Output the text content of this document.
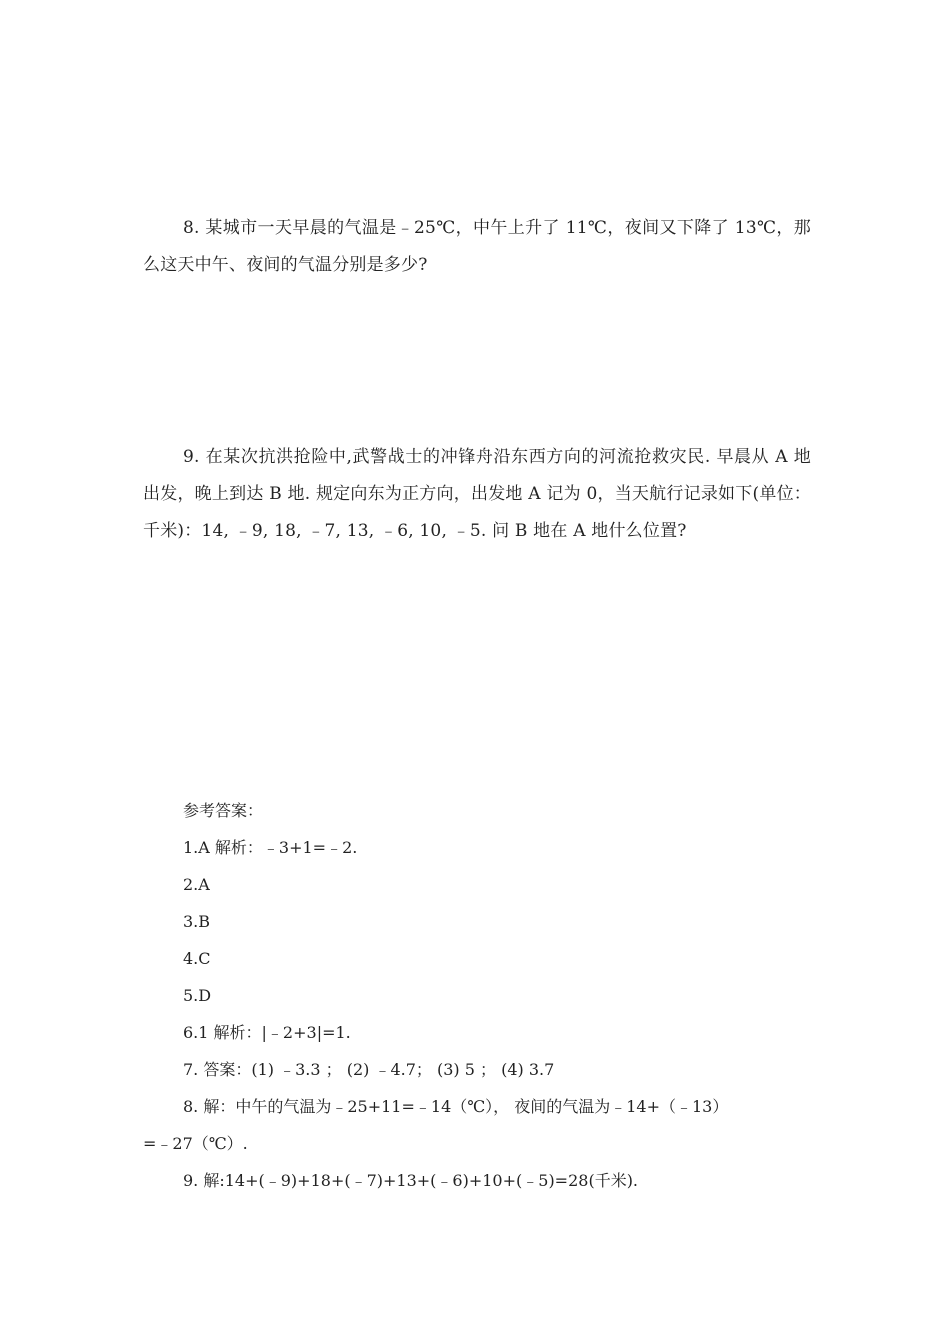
8. 某城市一天早晨的气温是﹣25℃，中午上升了 11℃，夜间又下降了 13℃，那么这天中午、夜间的气温分别是多少?

9. 在某次抗洪抢险中,武警战士的冲锋舟沿东西方向的河流抢救灾民. 早晨从 A 地出发，晚上到达 B 地. 规定向东为正方向，出发地 A 记为 0，当天航行记录如下(单位：千米)：14, ﹣9, 18, ﹣7, 13, ﹣6, 10, ﹣5. 问 B 地在 A 地什么位置?

参考答案：
1.A 解析：﹣3+1=﹣2.
2.A
3.B
4.C
5.D
6.1 解析：|﹣2+3|=1.
7. 答案：(1) ﹣3.3 ； (2) ﹣4.7； (3) 5 ； (4) 3.7
8. 解：中午的气温为﹣25+11=﹣14（℃）， 夜间的气温为﹣14+（﹣13）
=﹣27（℃）.
9. 解:14+(﹣9)+18+(﹣7)+13+(﹣6)+10+(﹣5)=28(千米).
